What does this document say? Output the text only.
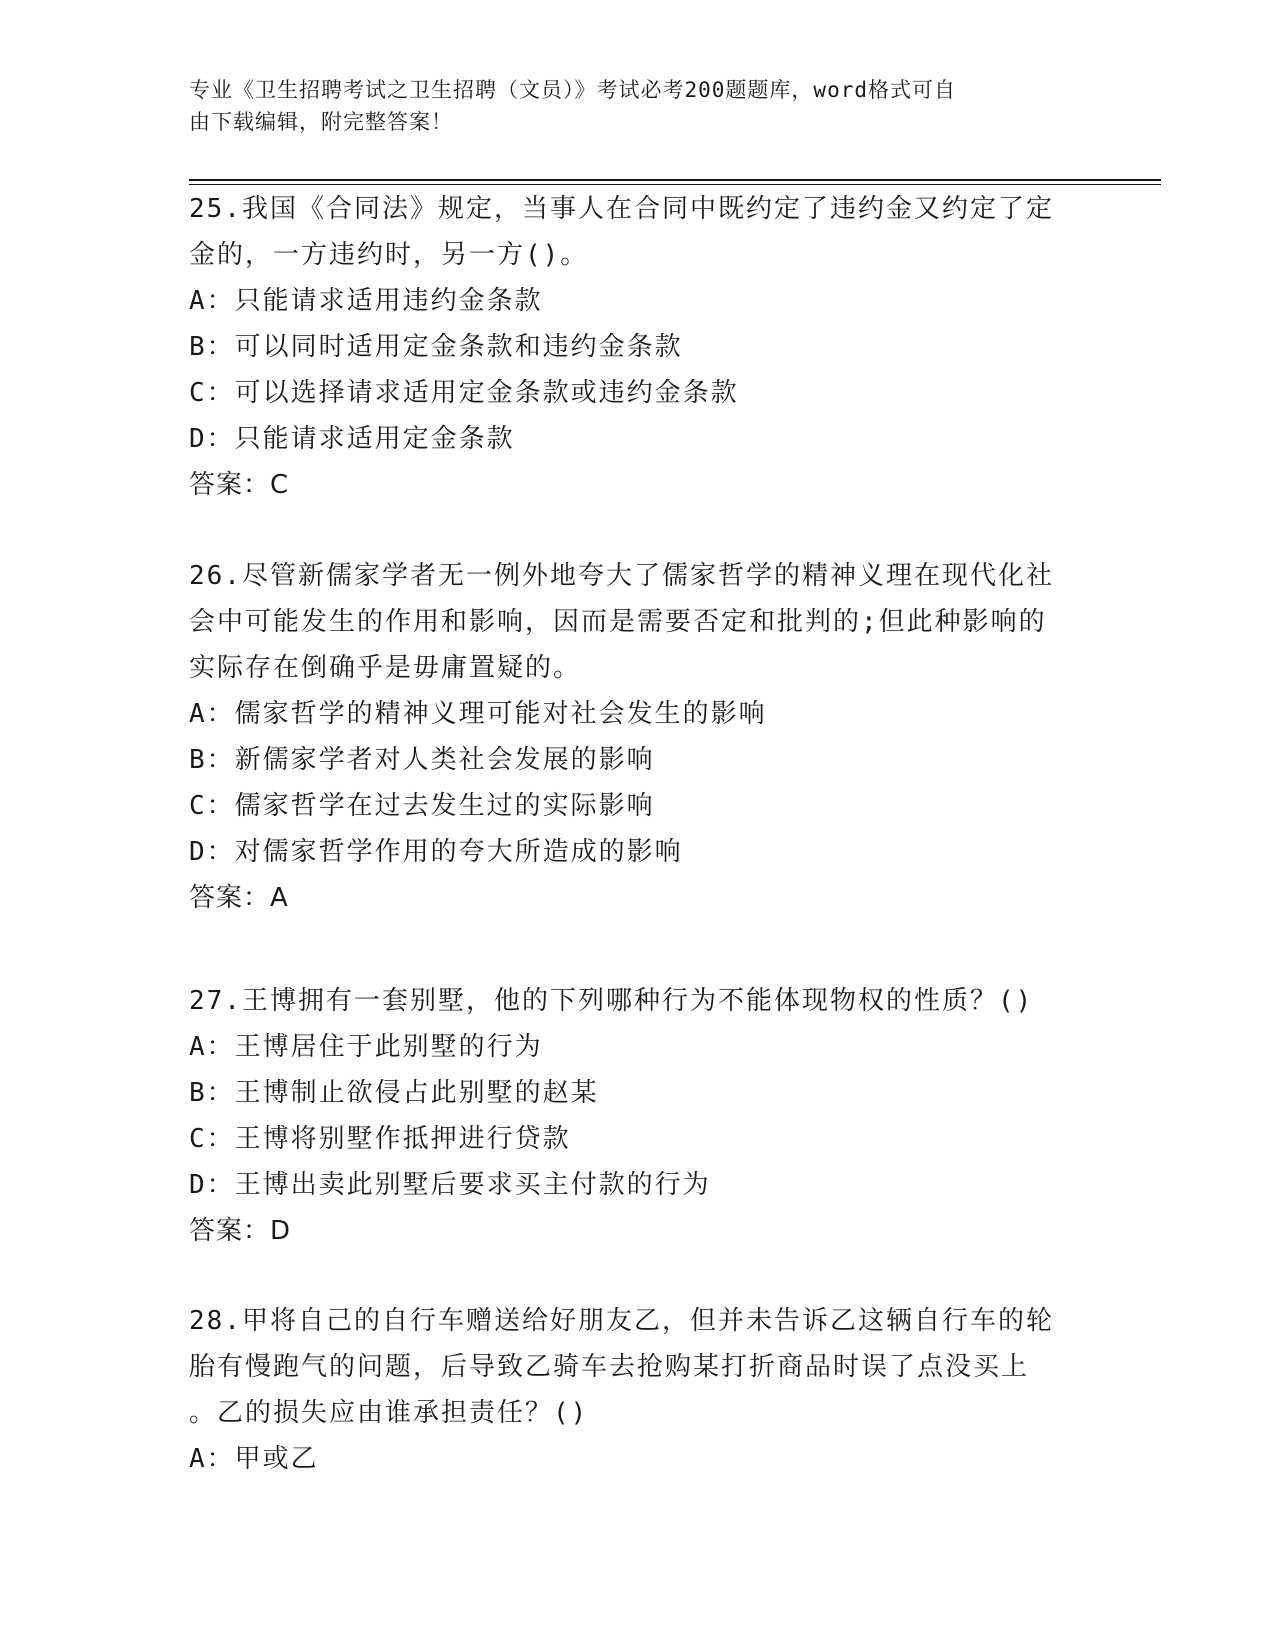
专业《卫生招聘考试之卫生招聘（文员）》考试必考200题题库，word格式可自
由下载编辑，附完整答案！
25.我国《合同法》规定，当事人在合同中既约定了违约金又约定了定
金的，一方违约时，另一方()。
A：只能请求适用违约金条款
B：可以同时适用定金条款和违约金条款
C：可以选择请求适用定金条款或违约金条款
D：只能请求适用定金条款
答案：C
26.尽管新儒家学者无一例外地夸大了儒家哲学的精神义理在现代化社
会中可能发生的作用和影响，因而是需要否定和批判的;但此种影响的
实际存在倒确乎是毋庸置疑的。
A：儒家哲学的精神义理可能对社会发生的影响
B：新儒家学者对人类社会发展的影响
C：儒家哲学在过去发生过的实际影响
D：对儒家哲学作用的夸大所造成的影响
答案：A
27.王博拥有一套别墅，他的下列哪种行为不能体现物权的性质？()
A：王博居住于此别墅的行为
B：王博制止欲侵占此别墅的赵某
C：王博将别墅作抵押进行贷款
D：王博出卖此别墅后要求买主付款的行为
答案：D
28.甲将自己的自行车赠送给好朋友乙，但并未告诉乙这辆自行车的轮
胎有慢跑气的问题，后导致乙骑车去抢购某打折商品时误了点没买上
。乙的损失应由谁承担责任？()
A：甲或乙
